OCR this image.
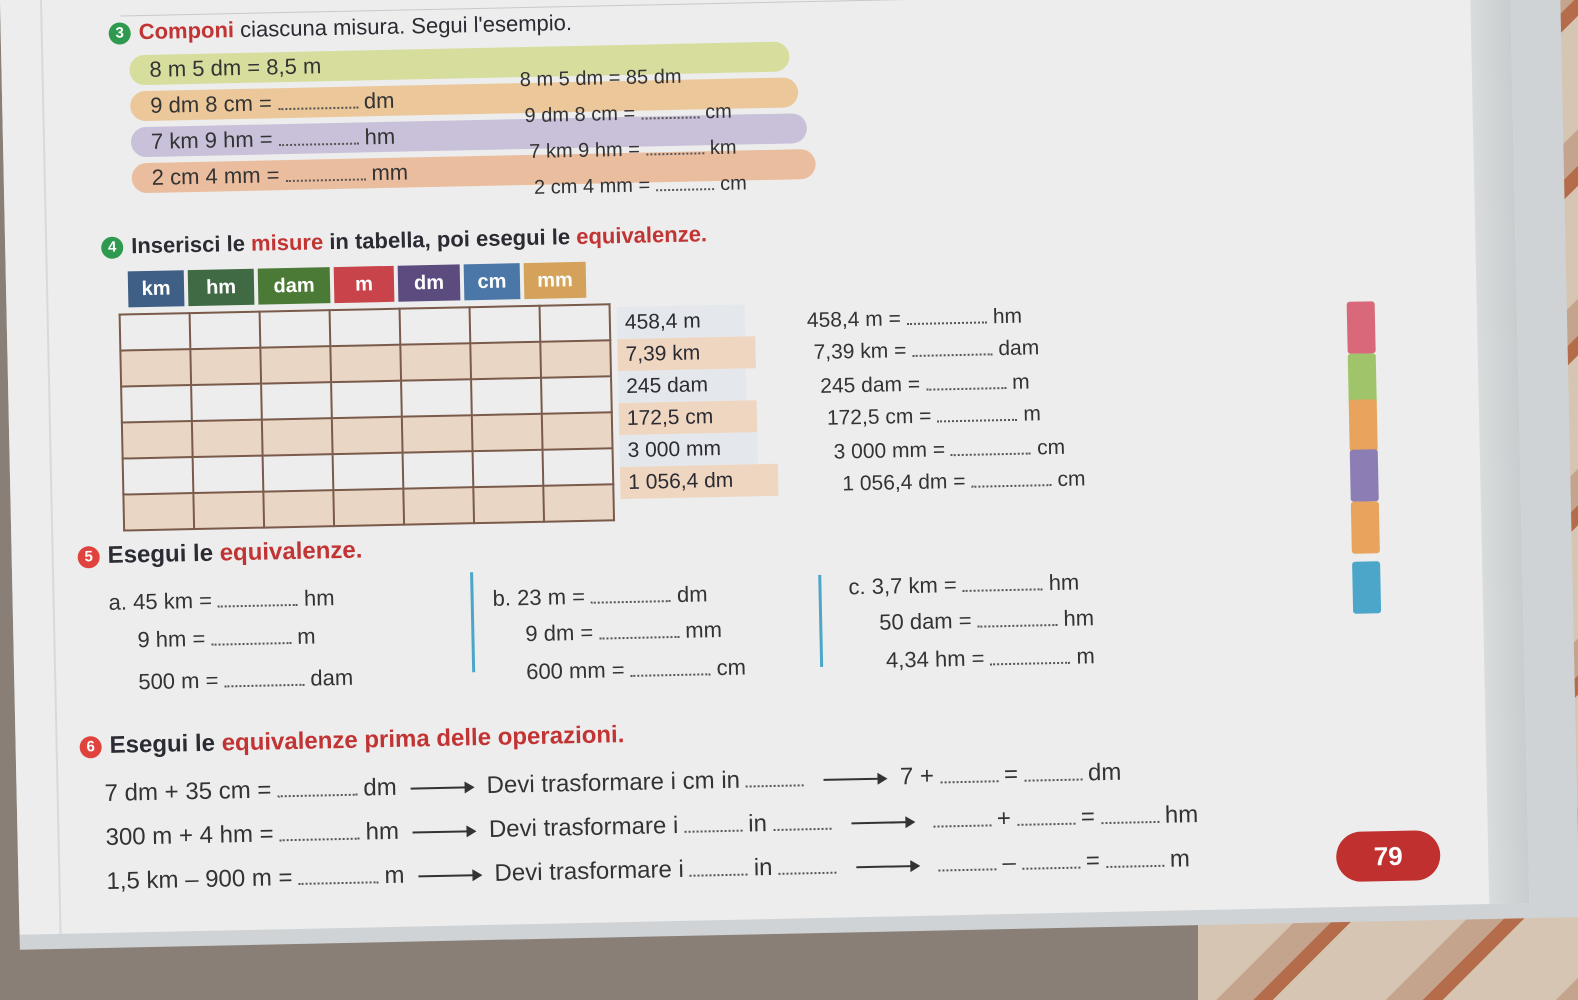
3 Componi ciascuna misura. Segui l'esempio.
8 m 5 dm = 8,5 m
9 dm 8 cm =	dm
7 km 9 hm =	hm
2 cm 4 mm =	mm
8 m 5 dm = 85 dm
9 dm 8 cm =	cm
7 km 9 hm =	km
2 cm 4 mm =	cm
4 Inserisci le misure in tabella, poi esegui le equivalenze.
km hm dam m dm cm mm

458,4 m
7,39 km
245 dam
172,5 cm
3 000 mm
1 056,4 dm
458,4 m =	hm
7,39 km =	dam
245 dam =	m
172,5 cm =	m
3 000 mm =	cm
1 056,4 dm =	cm
5 Esegui le equivalenze.
a. 45 km =	hm
9 hm =	m
500 m =	dam
b. 23 m =	dm
9 dm =	mm
600 mm =	cm
c. 3,7 km =	hm
50 dam =	hm
4,34 hm =	m
6 Esegui le equivalenze prima delle operazioni.
7 dm + 35 cm =	dm	Devi trasformare i cm in	7 +	=	dm
300 m + 4 hm =	hm	Devi trasformare i	in	+	=	hm
1,5 km – 900 m =	m	Devi trasformare i	in	–	=	m	79
